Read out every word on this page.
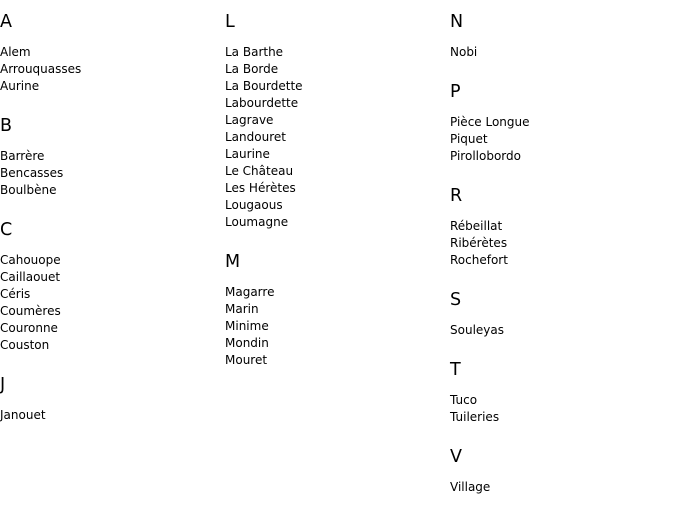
A
Alem
Arrouquasses
Aurine
B
Barrère
Bencasses
Boulbène
C
Cahouope
Caillaouet
Céris
Coumères
Couronne
Couston
J
Janouet
L
La Barthe
La Borde
La Bourdette
Labourdette
Lagrave
Landouret
Laurine
Le Château
Les Hérètes
Lougaous
Loumagne
M
Magarre
Marin
Minime
Mondin
Mouret
N
Nobi
P
Pièce Longue
Piquet
Pirollobordo
R
Rébeillat
Ribérètes
Rochefort
S
Souleyas
T
Tuco
Tuileries
V
Village
